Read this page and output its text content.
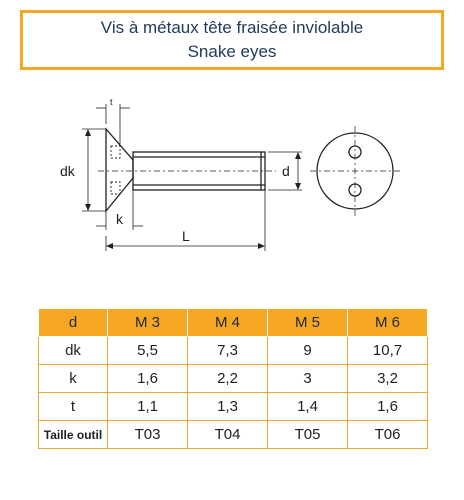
Vis à métaux tête fraisée inviolable
Snake eyes
dk
k
L
d
t
d	M 3	M 4	M 5	M 6
dk	5,5	7,3	9	10,7
k	1,6	2,2	3	3,2
t	1,1	1,3	1,4	1,6
Taille outil	T03	T04	T05	T06
